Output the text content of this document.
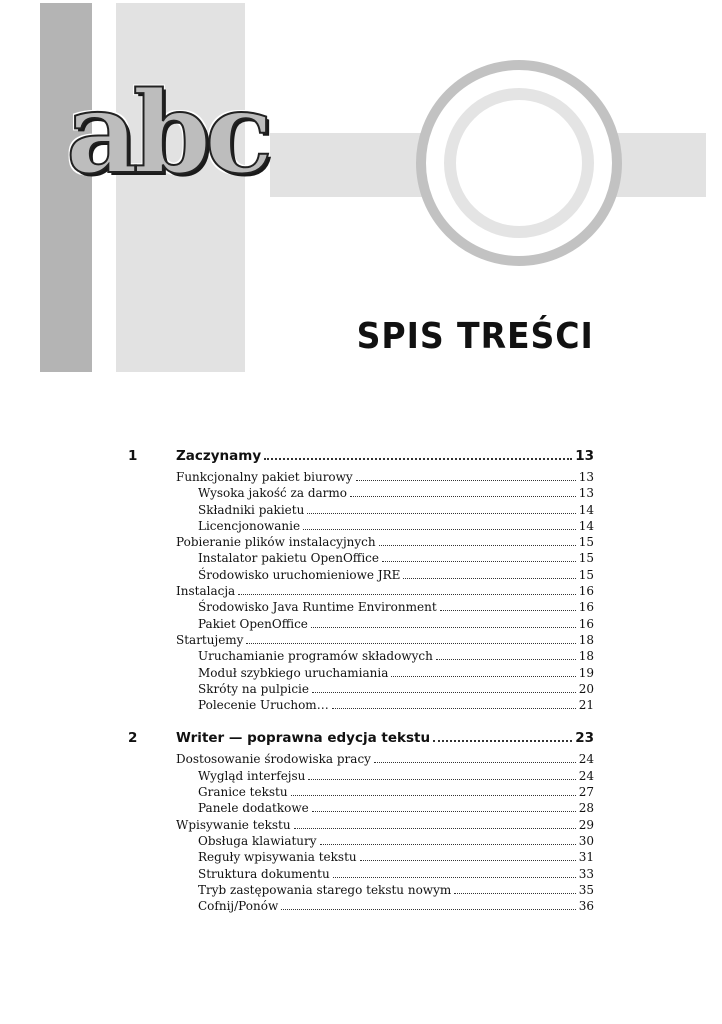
abc
SPIS TREŚCI
1	Zaczynamy	13
Funkcjonalny pakiet biurowy	13
Wysoka jakość za darmo	13
Składniki pakietu	14
Licencjonowanie	14
Pobieranie plików instalacyjnych	15
Instalator pakietu OpenOffice	15
Środowisko uruchomieniowe JRE	15
Instalacja	16
Środowisko Java Runtime Environment	16
Pakiet OpenOffice	16
Startujemy	18
Uruchamianie programów składowych	18
Moduł szybkiego uruchamiania	19
Skróty na pulpicie	20
Polecenie Uruchom…	21
2	Writer — poprawna edycja tekstu	23
Dostosowanie środowiska pracy	24
Wygląd interfejsu	24
Granice tekstu	27
Panele dodatkowe	28
Wpisywanie tekstu	29
Obsługa klawiatury	30
Reguły wpisywania tekstu	31
Struktura dokumentu	33
Tryb zastępowania starego tekstu nowym	35
Cofnij/Ponów	36
